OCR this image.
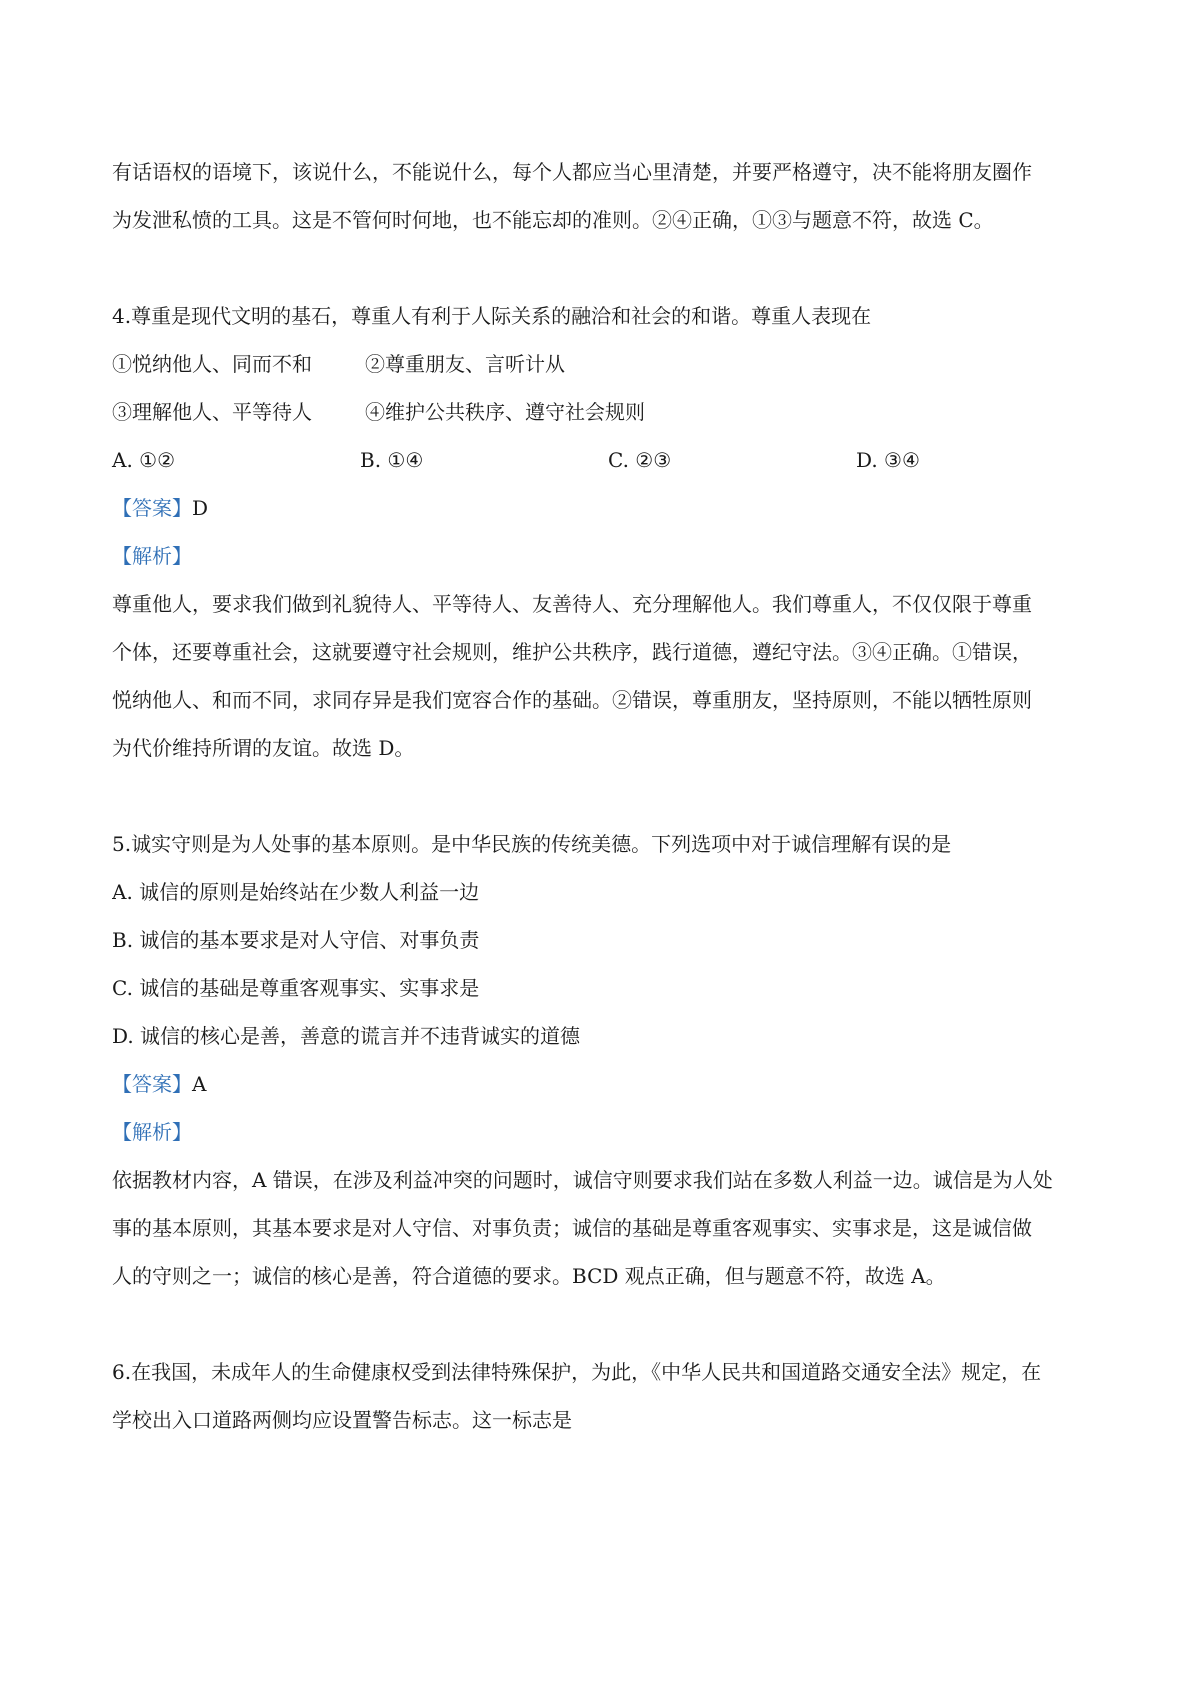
有话语权的语境下，该说什么，不能说什么，每个人都应当心里清楚，并要严格遵守，决不能将朋友圈作
为发泄私愤的工具。这是不管何时何地，也不能忘却的准则。②④正确，①③与题意不符，故选 C。
4.尊重是现代文明的基石，尊重人有利于人际关系的融洽和社会的和谐。尊重人表现在
①悦纳他人、同而不和	②尊重朋友、言听计从
③理解他人、平等待人	④维护公共秩序、遵守社会规则
A. ①②	B. ①④	C. ②③	D. ③④
【答案】D
【解析】
尊重他人，要求我们做到礼貌待人、平等待人、友善待人、充分理解他人。我们尊重人，不仅仅限于尊重
个体，还要尊重社会，这就要遵守社会规则，维护公共秩序，践行道德，遵纪守法。③④正确。①错误，
悦纳他人、和而不同，求同存异是我们宽容合作的基础。②错误，尊重朋友，坚持原则，不能以牺牲原则
为代价维持所谓的友谊。故选 D。
5.诚实守则是为人处事的基本原则。是中华民族的传统美德。下列选项中对于诚信理解有误的是
A. 诚信的原则是始终站在少数人利益一边
B. 诚信的基本要求是对人守信、对事负责
C. 诚信的基础是尊重客观事实、实事求是
D. 诚信的核心是善，善意的谎言并不违背诚实的道德
【答案】A
【解析】
依据教材内容，A 错误，在涉及利益冲突的问题时，诚信守则要求我们站在多数人利益一边。诚信是为人处
事的基本原则，其基本要求是对人守信、对事负责；诚信的基础是尊重客观事实、实事求是，这是诚信做
人的守则之一；诚信的核心是善，符合道德的要求。BCD 观点正确，但与题意不符，故选 A。
6.在我国，未成年人的生命健康权受到法律特殊保护，为此，《中华人民共和国道路交通安全法》规定，在
学校出入口道路两侧均应设置警告标志。这一标志是
